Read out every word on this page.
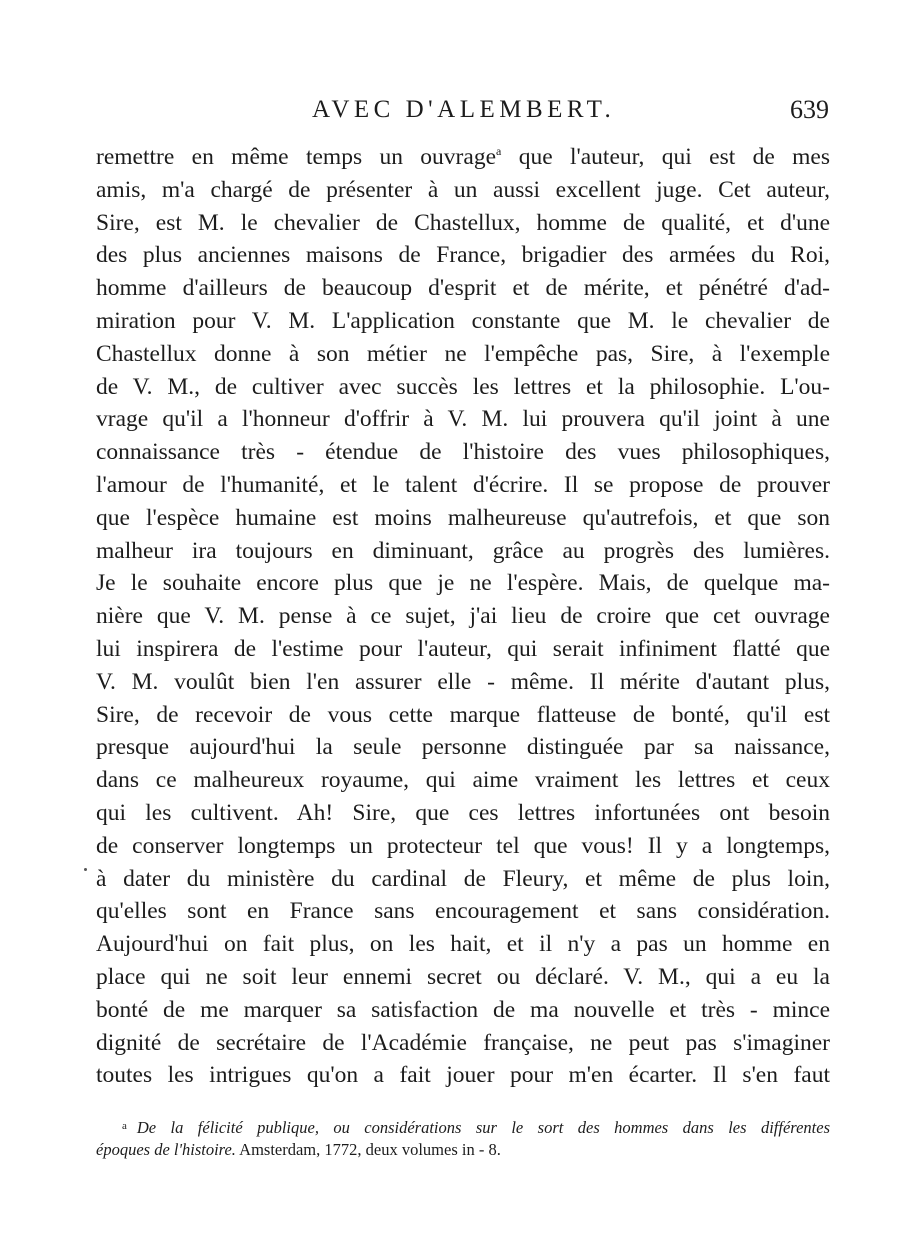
AVEC D'ALEMBERT.	639
remettre en même temps un ouvrage$^a$ que l'auteur, qui est de mes
amis, m'a chargé de présenter à un aussi excellent juge. Cet auteur,
Sire, est M. le chevalier de Chastellux, homme de qualité, et d'une
des plus anciennes maisons de France, brigadier des armées du Roi,
homme d'ailleurs de beaucoup d'esprit et de mérite, et pénétré d'ad-
miration pour V. M. L'application constante que M. le chevalier de
Chastellux donne à son métier ne l'empêche pas, Sire, à l'exemple
de V. M., de cultiver avec succès les lettres et la philosophie. L'ou-
vrage qu'il a l'honneur d'offrir à V. M. lui prouvera qu'il joint à une
connaissance très - étendue de l'histoire des vues philosophiques,
l'amour de l'humanité, et le talent d'écrire. Il se propose de prouver
que l'espèce humaine est moins malheureuse qu'autrefois, et que son
malheur ira toujours en diminuant, grâce au progrès des lumières.
Je le souhaite encore plus que je ne l'espère. Mais, de quelque ma-
nière que V. M. pense à ce sujet, j'ai lieu de croire que cet ouvrage
lui inspirera de l'estime pour l'auteur, qui serait infiniment flatté que
V. M. voulût bien l'en assurer elle - même. Il mérite d'autant plus,
Sire, de recevoir de vous cette marque flatteuse de bonté, qu'il est
presque aujourd'hui la seule personne distinguée par sa naissance,
dans ce malheureux royaume, qui aime vraiment les lettres et ceux
qui les cultivent. Ah! Sire, que ces lettres infortunées ont besoin
de conserver longtemps un protecteur tel que vous! Il y a longtemps,
à dater du ministère du cardinal de Fleury, et même de plus loin,
qu'elles sont en France sans encouragement et sans considération.
Aujourd'hui on fait plus, on les hait, et il n'y a pas un homme en
place qui ne soit leur ennemi secret ou déclaré. V. M., qui a eu la
bonté de me marquer sa satisfaction de ma nouvelle et très - mince
dignité de secrétaire de l'Académie française, ne peut pas s'imaginer
toutes les intrigues qu'on a fait jouer pour m'en écarter. Il s'en faut
$^a$ De la félicité publique, ou considérations sur le sort des hommes dans les différentes
époques de l'histoire. Amsterdam, 1772, deux volumes in - 8.
